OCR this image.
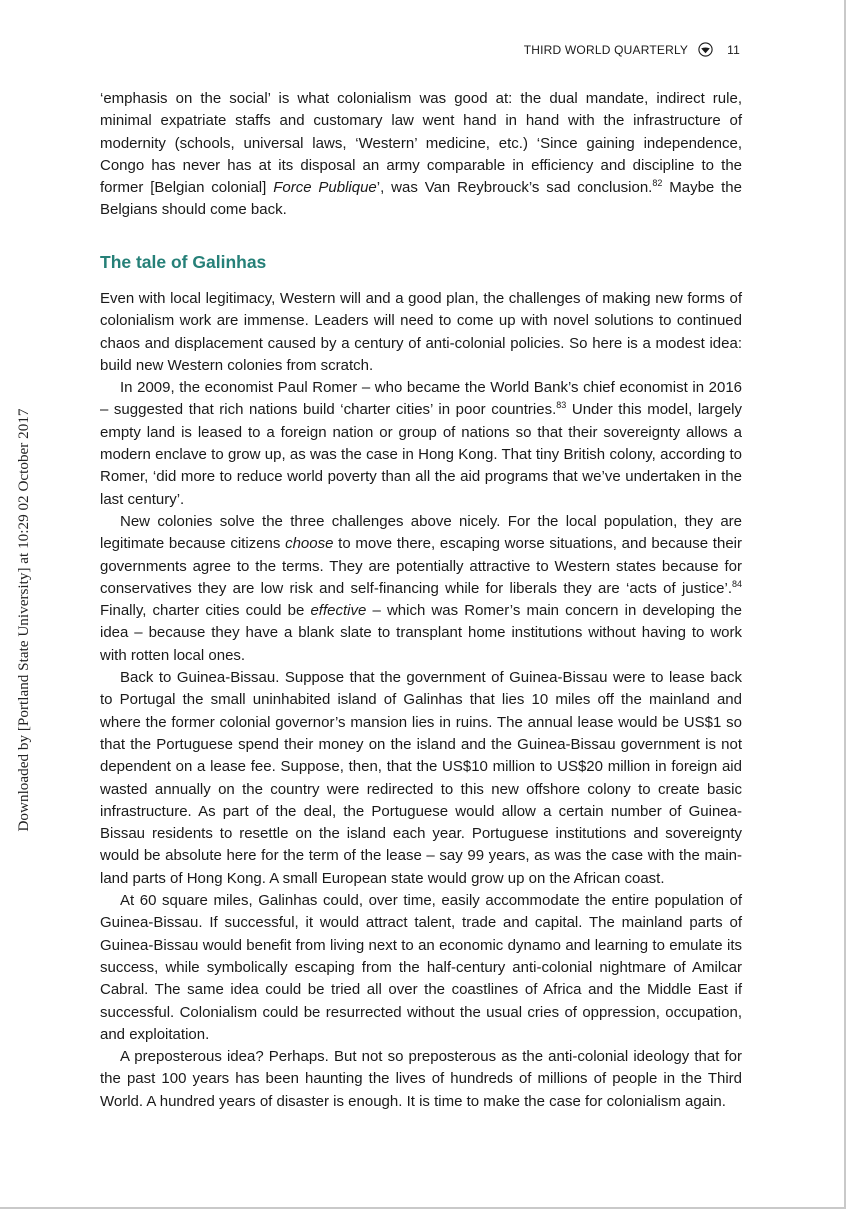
THIRD WORLD QUARTERLY	11
Downloaded by [Portland State University] at 10:29 02 October 2017

‘emphasis on the social’ is what colonialism was good at: the dual mandate, indirect rule, minimal expatriate staffs and customary law went hand in hand with the infrastructure of modernity (schools, universal laws, ‘Western’ medicine, etc.) ‘Since gaining independence, Congo has never has at its disposal an army comparable in efficiency and discipline to the former [Belgian colonial] Force Publique’, was Van Reybrouck’s sad conclusion.$^{82}$ Maybe the Belgians should come back.

The tale of Galinhas

Even with local legitimacy, Western will and a good plan, the challenges of making new forms of colonialism work are immense. Leaders will need to come up with novel solutions to continued chaos and displacement caused by a century of anti-colonial policies. So here is a modest idea: build new Western colonies from scratch.

In 2009, the economist Paul Romer – who became the World Bank’s chief economist in 2016 – suggested that rich nations build ‘charter cities’ in poor countries.$^{83}$ Under this model, largely empty land is leased to a foreign nation or group of nations so that their sovereignty allows a modern enclave to grow up, as was the case in Hong Kong. That tiny British colony, according to Romer, ‘did more to reduce world poverty than all the aid programs that we’ve undertaken in the last century’.

New colonies solve the three challenges above nicely. For the local population, they are legitimate because citizens choose to move there, escaping worse situations, and because their governments agree to the terms. They are potentially attractive to Western states because for conservatives they are low risk and self-financing while for liberals they are ‘acts of justice’.$^{84}$ Finally, charter cities could be effective – which was Romer’s main concern in developing the idea – because they have a blank slate to transplant home institutions without having to work with rotten local ones.

Back to Guinea-Bissau. Suppose that the government of Guinea-Bissau were to lease back to Portugal the small uninhabited island of Galinhas that lies 10 miles off the mainland and where the former colonial governor’s mansion lies in ruins. The annual lease would be US$1 so that the Portuguese spend their money on the island and the Guinea-Bissau government is not dependent on a lease fee. Suppose, then, that the US$10 million to US$20 million in foreign aid wasted annually on the country were redirected to this new offshore colony to create basic infrastructure. As part of the deal, the Portuguese would allow a certain number of Guinea-Bissau residents to resettle on the island each year. Portuguese institutions and sovereignty would be absolute here for the term of the lease – say 99 years, as was the case with the mainland parts of Hong Kong. A small European state would grow up on the African coast.

At 60 square miles, Galinhas could, over time, easily accommodate the entire population of Guinea-Bissau. If successful, it would attract talent, trade and capital. The mainland parts of Guinea-Bissau would benefit from living next to an economic dynamo and learning to emulate its success, while symbolically escaping from the half-century anti-colonial nightmare of Amilcar Cabral. The same idea could be tried all over the coastlines of Africa and the Middle East if successful. Colonialism could be resurrected without the usual cries of oppression, occupation, and exploitation.

A preposterous idea? Perhaps. But not so preposterous as the anti-colonial ideology that for the past 100 years has been haunting the lives of hundreds of millions of people in the Third World. A hundred years of disaster is enough. It is time to make the case for colonialism again.
